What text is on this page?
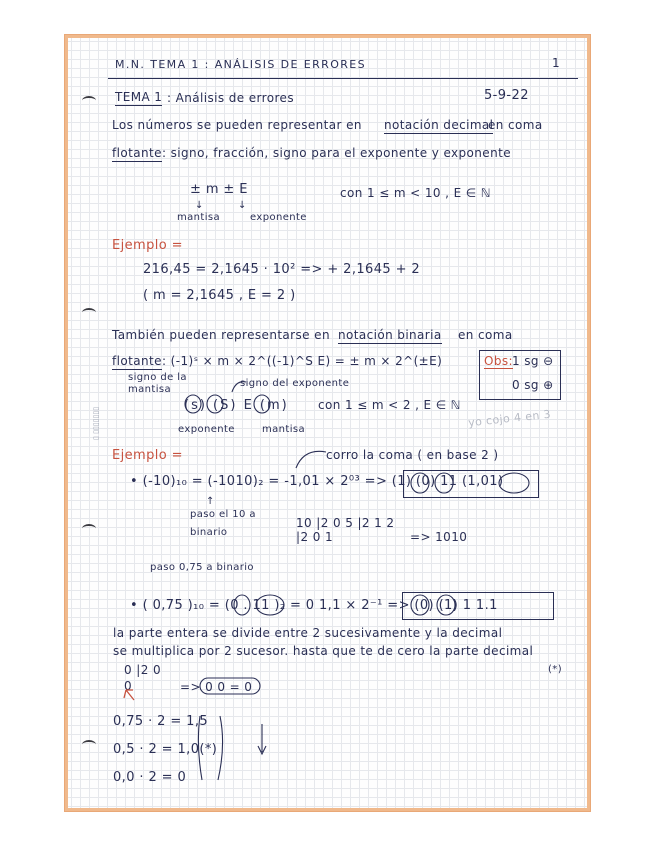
M.N. TEMA 1 : ANÁLISIS DE ERRORES	1
TEMA 1 : Análisis de errores	5-9-22
Los números se pueden representar en notación decimal
en coma
flotante : signo, fracción, signo para el exponente y exponente
± m ± E	con 1 ≤ m < 10 , E ∈ ℕ
↓	↓
mantisa	exponente
Ejemplo =
216,45 = 2,1645 · 10² => + 2,1645 + 2
( m = 2,1645 , E = 2 )
También pueden representarse en notación binaria en coma
flotante : (-1)ˢ × m × 2^((-1)^S E) = ± m × 2^(±E)	Obs: 1 sg ⊖
0 sg ⊕
signo de la mantisa
signo del exponente
(s) (S) E (m) con 1 ≤ m < 2 , E ∈ ℕ
exponente	mantisa
yo cojo 4 en 3
Ejemplo =	corro la coma ( en base 2 )
• (-10)₁₀ = (-1010)₂ = -1,01 × 2⁰³ => (1) (0) 11 (1,01)
↑
paso el 10 a binario
10 |2 0 5 |2 1 2 |2 0 1	=> 1010
paso 0,75 a binario
• ( 0,75 )₁₀ = (0 . 11 )₂ = 0 1,1 × 2⁻¹ => (0) (1) 1 1.1
la parte entera se divide entre 2 sucesivamente y la decimal
se multiplica por 2 sucesor. hasta que te de cero la parte decimal
(*)
0 |2 0 0	=> 0 0 = 0
0,75 · 2 = 1,5
0,5 · 2 = 1,0(*)
0,0 · 2 = 0
▯ ▯▯▯▯▯▯▯
